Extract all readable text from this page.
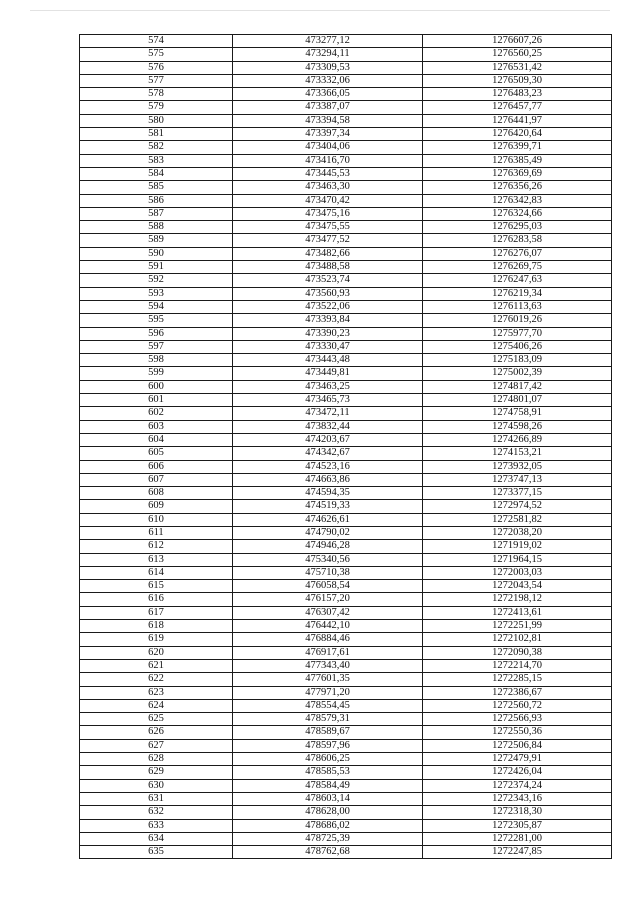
574	473277,12	1276607,26
575	473294,11	1276560,25
576	473309,53	1276531,42
577	473332,06	1276509,30
578	473366,05	1276483,23
579	473387,07	1276457,77
580	473394,58	1276441,97
581	473397,34	1276420,64
582	473404,06	1276399,71
583	473416,70	1276385,49
584	473445,53	1276369,69
585	473463,30	1276356,26
586	473470,42	1276342,83
587	473475,16	1276324,66
588	473475,55	1276295,03
589	473477,52	1276283,58
590	473482,66	1276276,07
591	473488,58	1276269,75
592	473523,74	1276247,63
593	473560,93	1276219,34
594	473522,06	1276113,63
595	473393,84	1276019,26
596	473390,23	1275977,70
597	473330,47	1275406,26
598	473443,48	1275183,09
599	473449,81	1275002,39
600	473463,25	1274817,42
601	473465,73	1274801,07
602	473472,11	1274758,91
603	473832,44	1274598,26
604	474203,67	1274266,89
605	474342,67	1274153,21
606	474523,16	1273932,05
607	474663,86	1273747,13
608	474594,35	1273377,15
609	474519,33	1272974,52
610	474626,61	1272581,82
611	474790,02	1272038,20
612	474946,28	1271919,02
613	475340,56	1271964,15
614	475710,38	1272003,03
615	476058,54	1272043,54
616	476157,20	1272198,12
617	476307,42	1272413,61
618	476442,10	1272251,99
619	476884,46	1272102,81
620	476917,61	1272090,38
621	477343,40	1272214,70
622	477601,35	1272285,15
623	477971,20	1272386,67
624	478554,45	1272560,72
625	478579,31	1272566,93
626	478589,67	1272550,36
627	478597,96	1272506,84
628	478606,25	1272479,91
629	478585,53	1272426,04
630	478584,49	1272374,24
631	478603,14	1272343,16
632	478628,00	1272318,30
633	478686,02	1272305,87
634	478725,39	1272281,00
635	478762,68	1272247,85
